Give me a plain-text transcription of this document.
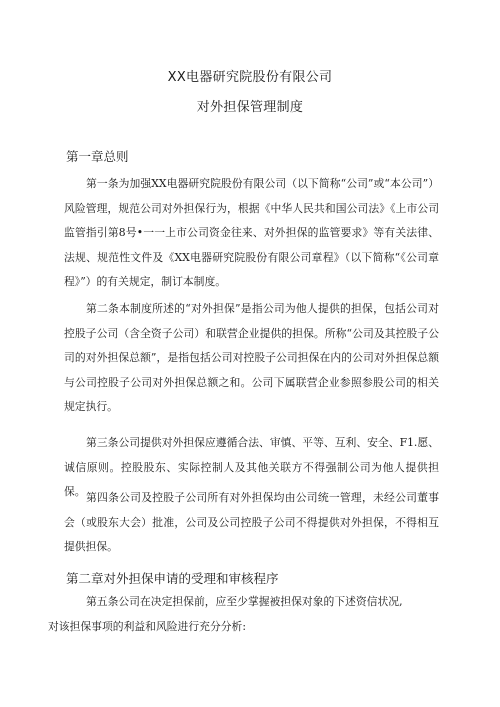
XX电器研究院股份有限公司
对外担保管理制度
第一章总则

第一条为加强XX电器研究院股份有限公司（以下简称“公司”或“本公司”）风险管理，规范公司对外担保行为，根据《中华人民共和国公司法》《上市公司监管指引第8号•一一上市公司资金往来、对外担保的监管要求》等有关法律、法规、规范性文件及《XX电器研究院股份有限公司章程》（以下简称“《公司章程》”）的有关规定，制订本制度。

第二条本制度所述的“对外担保”是指公司为他人提供的担保，包括公司对控股子公司（含全资子公司）和联营企业提供的担保。所称“公司及其控股子公司的对外担保总额”，是指包括公司对控股子公司担保在内的公司对外担保总额与公司控股子公司对外担保总额之和。公司下属联营企业参照参股公司的相关规定执行。

第三条公司提供对外担保应遵循合法、审慎、平等、互利、安全、F1.愿、诚信原则。控股股东、实际控制人及其他关联方不得强制公司为他人提供担保。 第四条公司及控股子公司所有对外担保均由公司统一管理，未经公司董事会（或股东大会）批准，公司及公司控股子公司不得提供对外担保，不得相互提供担保。

第二章对外担保申请的受理和审核程序

第五条公司在决定担保前，应至少掌握被担保对象的下述资信状况,

对该担保事项的利益和风险进行充分分析:
